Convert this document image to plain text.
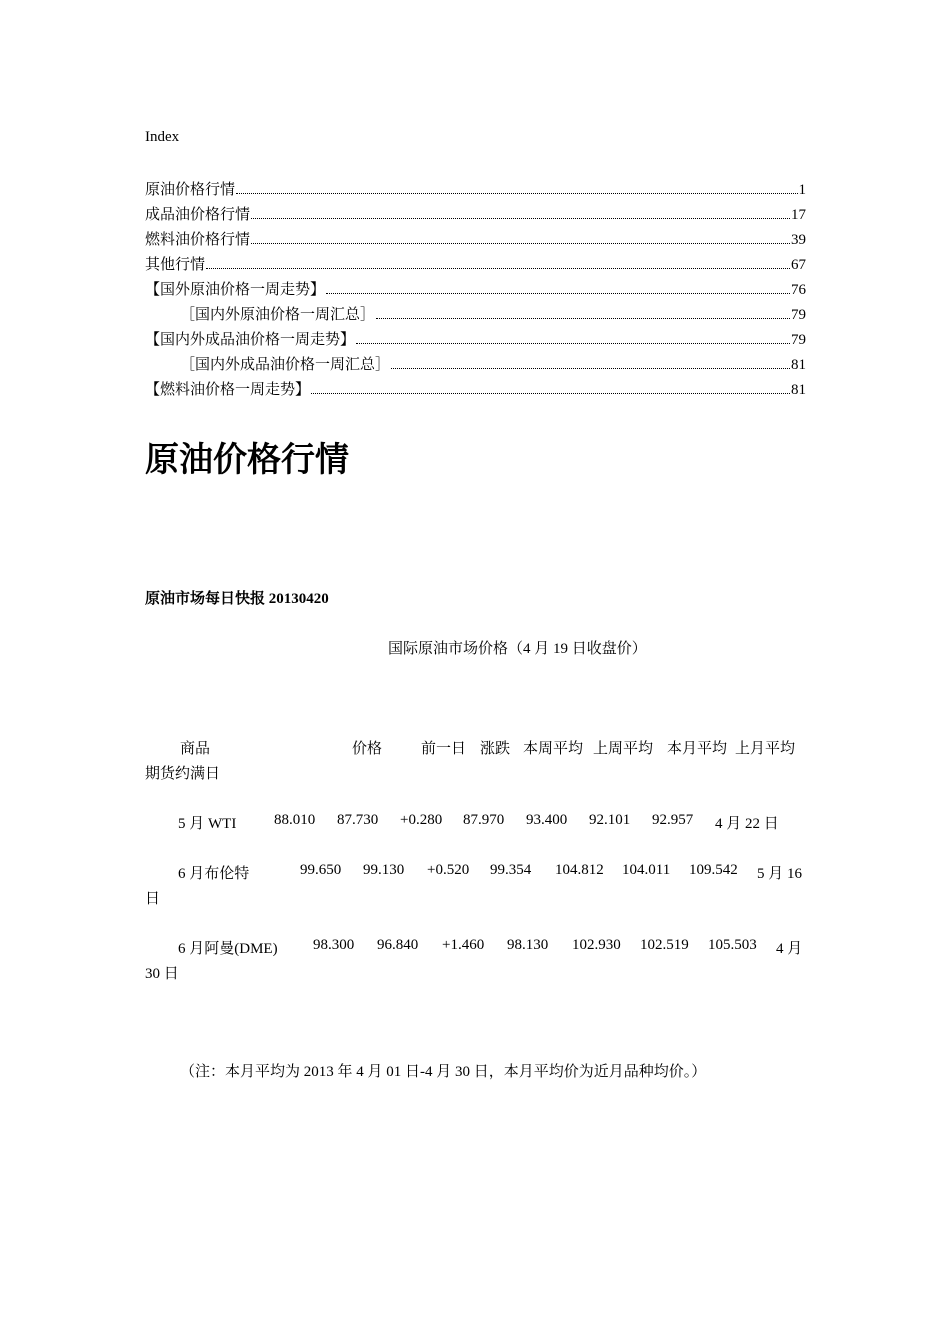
Index
原油价格行情	1
成品油价格行情	17
燃料油价格行情	39
其他行情	67
【国外原油价格一周走势】	76
［国内外原油价格一周汇总］	79
【国内外成品油价格一周走势】	79
［国内外成品油价格一周汇总］	81
【燃料油价格一周走势】	81
原油价格行情
原油市场每日快报 20130420
国际原油市场价格（4 月 19 日收盘价）
商品	价格	前一日 涨跌 本周平均 上周平均 本月平均 上月平均
期货约满日
5 月 WTI	88.010 87.730 +0.280 87.970 93.400 92.101 92.957 4 月 22 日
6 月布伦特	99.650 99.130 +0.520 99.354 104.812 104.011 109.542 5 月 16
日
6 月阿曼(DME) 98.300 96.840 +1.460 98.130 102.930 102.519 105.503 4 月
30 日
（注：本月平均为 2013 年 4 月 01 日-4 月 30 日，本月平均价为近月品种均价。）
